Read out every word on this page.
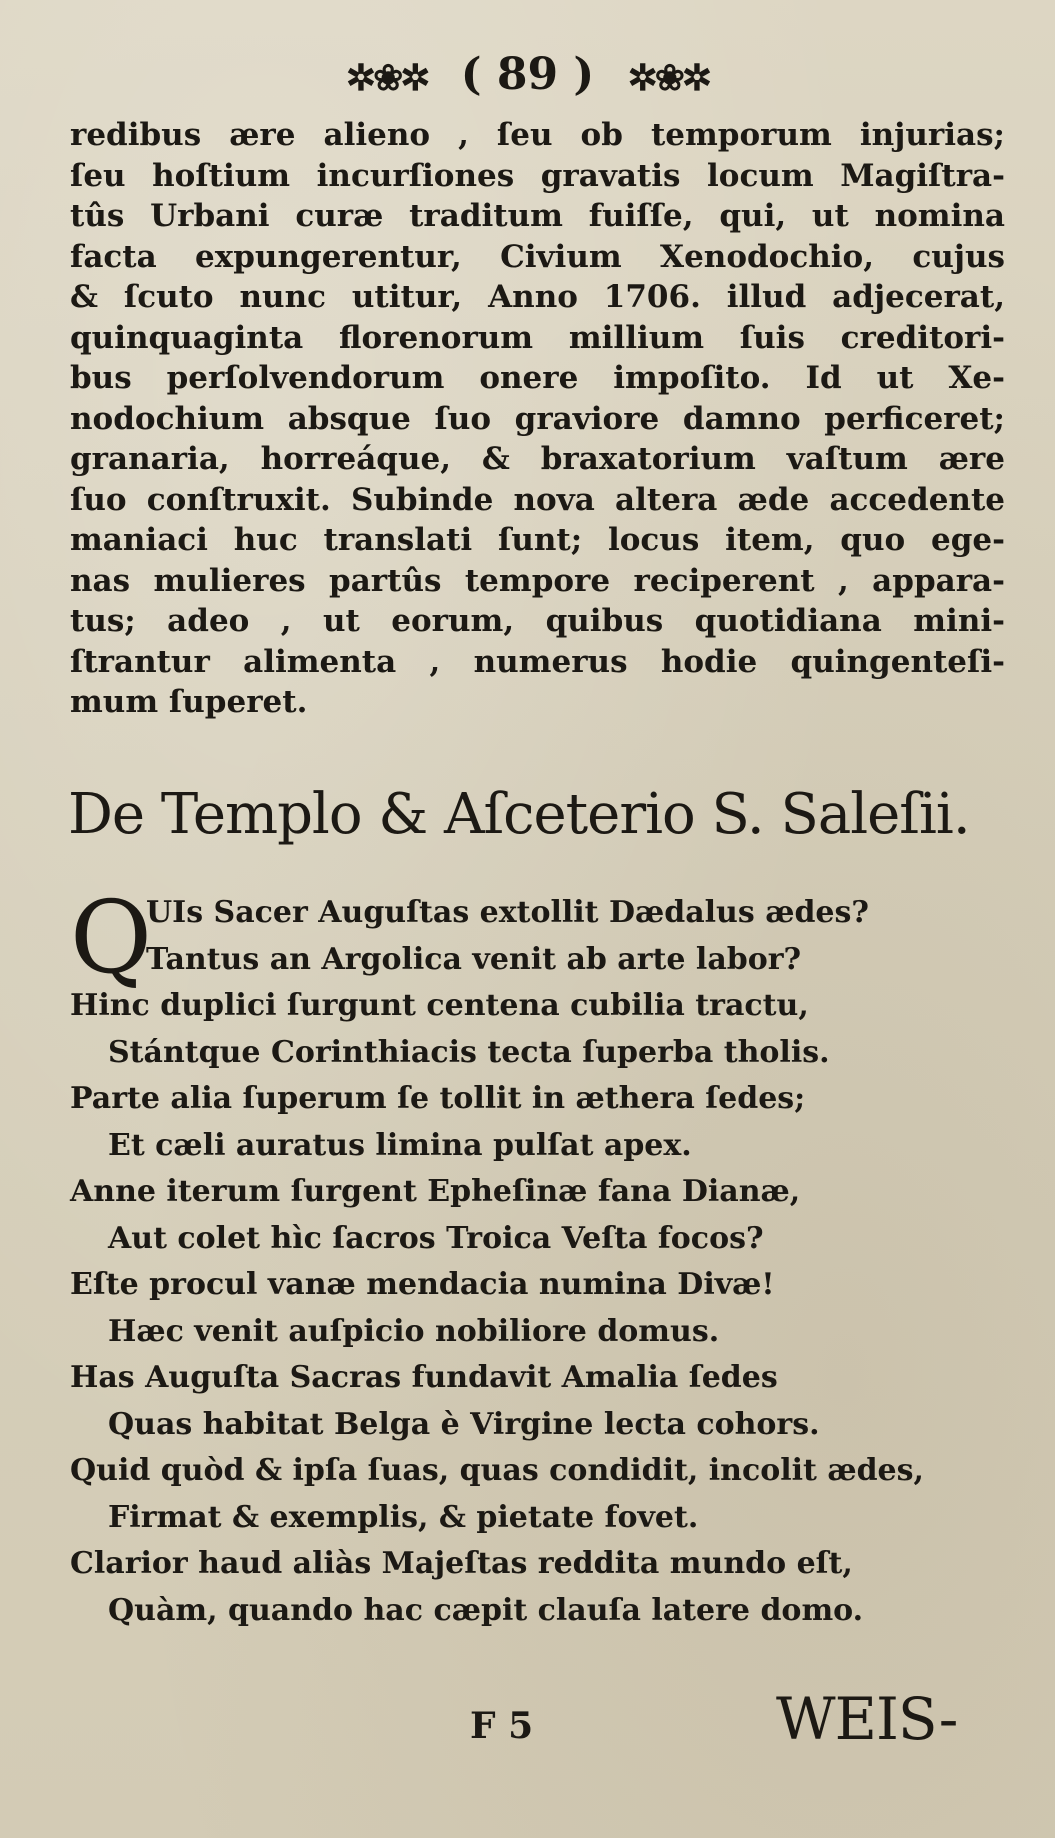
✲❀✲ ( 89 ) ✲❀✲
redibus ære alieno , ſeu ob temporum injurias;
ſeu hoſtium incurſiones gravatis locum Magiſtra-
tûs Urbani curæ traditum fuiſſe, qui, ut nomina
facta expungerentur, Civium Xenodochio, cujus
& ſcuto nunc utitur, Anno 1706. illud adjecerat,
quinquaginta florenorum millium ſuis creditori-
bus perſolvendorum onere impoſito. Id ut Xe-
nodochium absque ſuo graviore damno perficeret;
granaria, horreáque, & braxatorium vaſtum ære
ſuo conſtruxit. Subinde nova altera æde accedente
maniaci huc translati ſunt; locus item, quo ege-
nas mulieres partûs tempore reciperent , appara-
tus; adeo , ut eorum, quibus quotidiana mini-
ſtrantur alimenta , numerus hodie quingenteſi-
mum ſuperet.
De Templo & Aſceterio S. Saleſii.
Q
UIs Sacer Auguſtas extollit Dædalus ædes?
Tantus an Argolica venit ab arte labor?
Hinc duplici ſurgunt centena cubilia tractu,
Stántque Corinthiacis tecta ſuperba tholis.
Parte alia ſuperum ſe tollit in æthera ſedes;
Et cæli auratus limina pulſat apex.
Anne iterum ſurgent Epheſinæ fana Dianæ,
Aut colet hìc ſacros Troica Veſta focos?
Eſte procul vanæ mendacia numina Divæ!
Hæc venit auſpicio nobiliore domus.
Has Auguſta Sacras fundavit Amalia ſedes
Quas habitat Belga è Virgine lecta cohors.
Quid quòd & ipſa ſuas, quas condidit, incolit ædes,
Firmat & exemplis, & pietate fovet.
Clarior haud aliàs Majeſtas reddita mundo eſt,
Quàm, quando hac cæpit clauſa latere domo.
F 5	WEIS-
